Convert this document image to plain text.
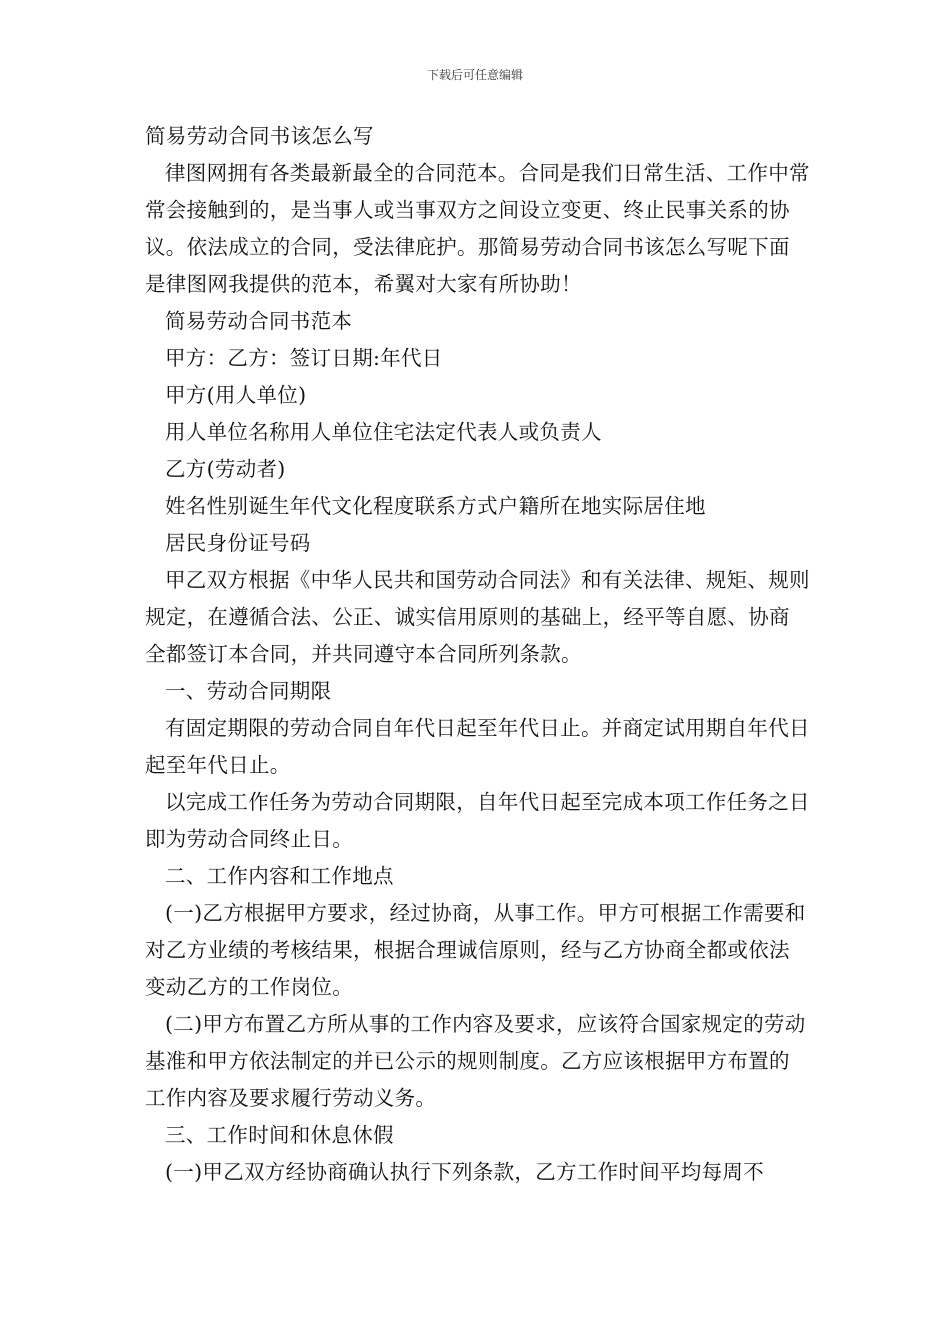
下载后可任意编辑

简易劳动合同书该怎么写

律图网拥有各类最新最全的合同范本。合同是我们日常生活、工作中常常会接触到的，是当事人或当事双方之间设立变更、终止民事关系的协议。依法成立的合同，受法律庇护。那简易劳动合同书该怎么写呢下面是律图网我提供的范本，希翼对大家有所协助！

简易劳动合同书范本

甲方：乙方：签订日期:年代日

甲方(用人单位)

用人单位名称用人单位住宅法定代表人或负责人

乙方(劳动者)

姓名性别诞生年代文化程度联系方式户籍所在地实际居住地

居民身份证号码

甲乙双方根据《中华人民共和国劳动合同法》和有关法律、规矩、规则规定，在遵循合法、公正、诚实信用原则的基础上，经平等自愿、协商全都签订本合同，并共同遵守本合同所列条款。

一、劳动合同期限

有固定期限的劳动合同自年代日起至年代日止。并商定试用期自年代日起至年代日止。

以完成工作任务为劳动合同期限，自年代日起至完成本项工作任务之日即为劳动合同终止日。

二、工作内容和工作地点

(一)乙方根据甲方要求，经过协商，从事工作。甲方可根据工作需要和对乙方业绩的考核结果，根据合理诚信原则，经与乙方协商全都或依法变动乙方的工作岗位。

(二)甲方布置乙方所从事的工作内容及要求，应该符合国家规定的劳动基准和甲方依法制定的并已公示的规则制度。乙方应该根据甲方布置的工作内容及要求履行劳动义务。

三、工作时间和休息休假

(一)甲乙双方经协商确认执行下列条款，乙方工作时间平均每周不
